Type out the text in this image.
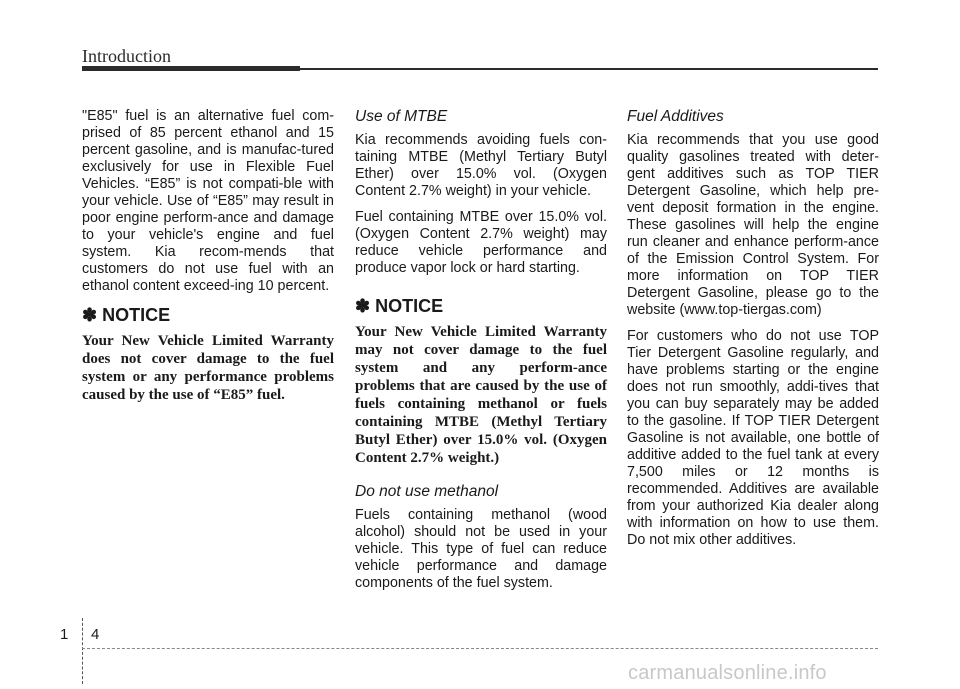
Introduction

"E85" fuel is an alternative fuel com-prised of 85 percent ethanol and 15 percent gasoline, and is manufac-tured exclusively for use in Flexible Fuel Vehicles. “E85” is not compati-ble with your vehicle. Use of “E85” may result in poor engine perform-ance and damage to your vehicle's engine and fuel system. Kia recom-mends that customers do not use fuel with an ethanol content exceed-ing 10 percent.

✽ NOTICE

Your New Vehicle Limited Warranty does not cover damage to the fuel system or any performance problems caused by the use of “E85” fuel.

Use of MTBE

Kia recommends avoiding fuels con-taining MTBE (Methyl Tertiary Butyl Ether) over 15.0% vol. (Oxygen Content 2.7% weight) in your vehicle.

Fuel containing MTBE over 15.0% vol. (Oxygen Content 2.7% weight) may reduce vehicle performance and produce vapor lock or hard starting.

✽ NOTICE

Your New Vehicle Limited Warranty may not cover damage to the fuel system and any perform-ance problems that are caused by the use of fuels containing methanol or fuels containing MTBE (Methyl Tertiary Butyl Ether) over 15.0% vol. (Oxygen Content 2.7% weight.)

Do not use methanol

Fuels containing methanol (wood alcohol) should not be used in your vehicle. This type of fuel can reduce vehicle performance and damage components of the fuel system.

Fuel Additives

Kia recommends that you use good quality gasolines treated with deter-gent additives such as TOP TIER Detergent Gasoline, which help pre-vent deposit formation in the engine. These gasolines will help the engine run cleaner and enhance perform-ance of the Emission Control System. For more information on TOP TIER Detergent Gasoline, please go to the website (www.top-tiergas.com)

For customers who do not use TOP Tier Detergent Gasoline regularly, and have problems starting or the engine does not run smoothly, addi-tives that you can buy separately may be added to the gasoline. If TOP TIER Detergent Gasoline is not available, one bottle of additive added to the fuel tank at every 7,500 miles or 12 months is recommended. Additives are available from your authorized Kia dealer along with information on how to use them. Do not mix other additives.

1 4
carmanualsonline.info
